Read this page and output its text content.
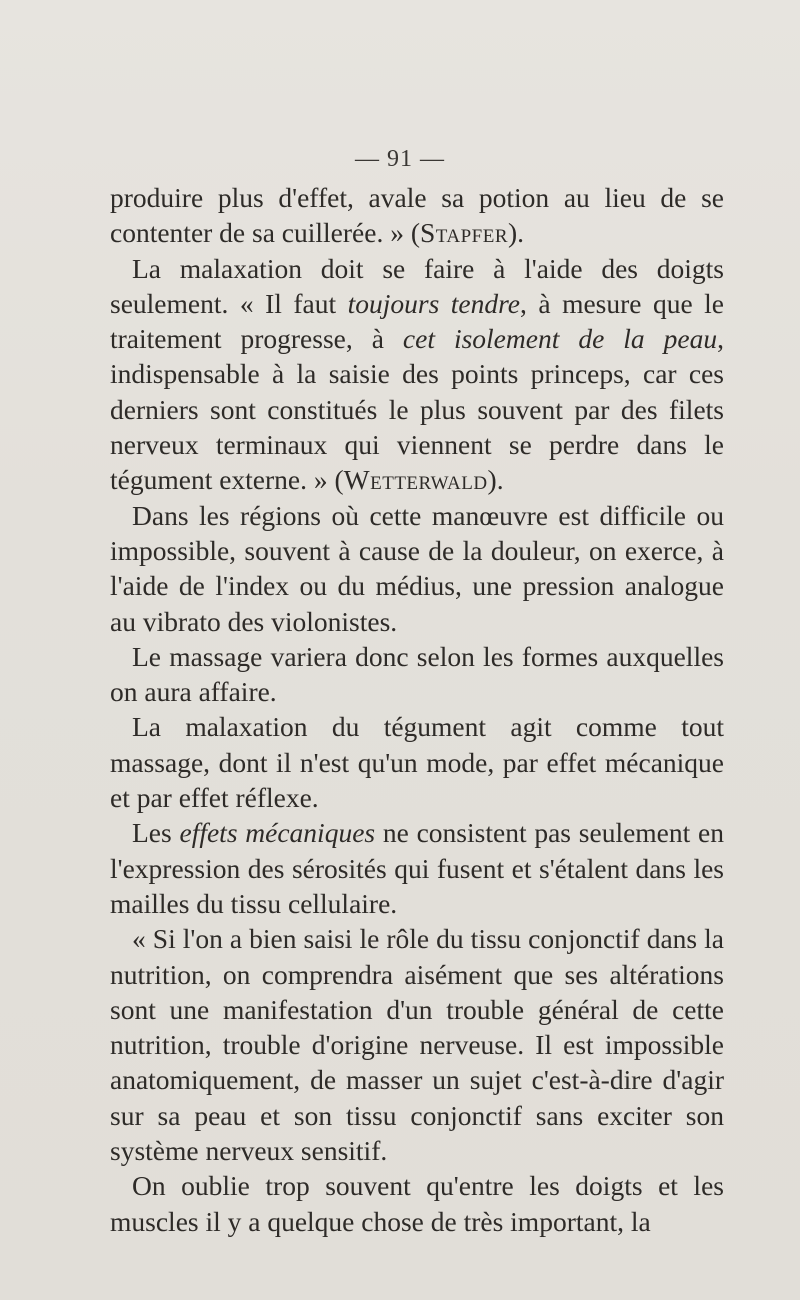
— 91 —

produire plus d'effet, avale sa potion au lieu de se contenter de sa cuillerée. » (Stapfer).

La malaxation doit se faire à l'aide des doigts seulement. « Il faut toujours tendre, à mesure que le traitement progresse, à cet isolement de la peau, indispensable à la saisie des points princeps, car ces derniers sont constitués le plus souvent par des filets nerveux terminaux qui viennent se perdre dans le tégument externe. » (Wetterwald).

Dans les régions où cette manœuvre est difficile ou impossible, souvent à cause de la douleur, on exerce, à l'aide de l'index ou du médius, une pression analogue au vibrato des violonistes.

Le massage variera donc selon les formes auxquelles on aura affaire.

La malaxation du tégument agit comme tout massage, dont il n'est qu'un mode, par effet mécanique et par effet réflexe.

Les effets mécaniques ne consistent pas seulement en l'expression des sérosités qui fusent et s'étalent dans les mailles du tissu cellulaire.

« Si l'on a bien saisi le rôle du tissu conjonctif dans la nutrition, on comprendra aisément que ses altérations sont une manifestation d'un trouble général de cette nutrition, trouble d'origine nerveuse. Il est impossible anatomiquement, de masser un sujet c'est-à-dire d'agir sur sa peau et son tissu conjonctif sans exciter son système nerveux sensitif.

On oublie trop souvent qu'entre les doigts et les muscles il y a quelque chose de très important, la
